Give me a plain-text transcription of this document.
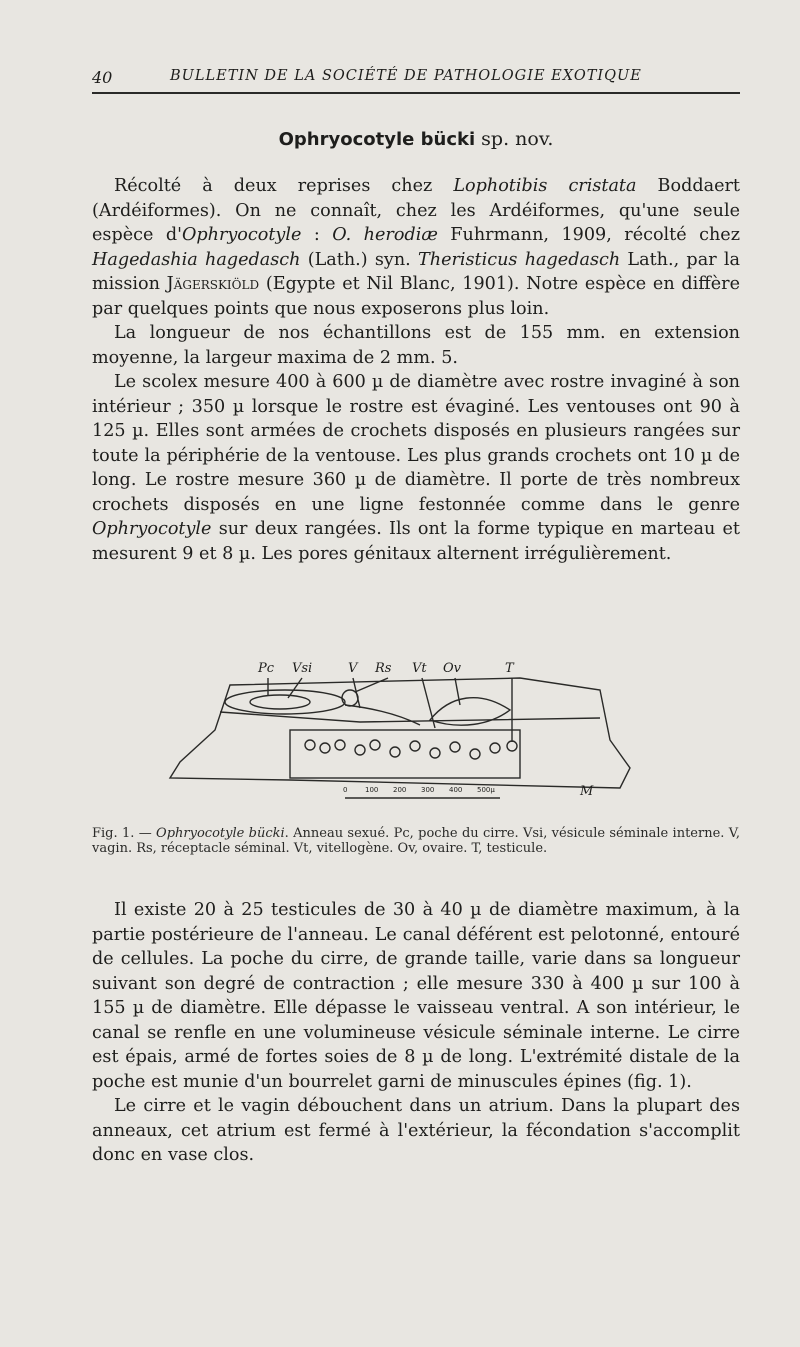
40	BULLETIN DE LA SOCIÉTÉ DE PATHOLOGIE EXOTIQUE
Ophryocotyle bücki sp. nov.

Récolté à deux reprises chez Lophotibis cristata Boddaert (Ardéiformes). On ne connaît, chez les Ardéiformes, qu'une seule espèce d'Ophryocotyle : O. herodiæ Fuhrmann, 1909, récolté chez Hagedashia hagedasch (Lath.) syn. Theristicus hagedasch Lath., par la mission Jägerskiöld (Egypte et Nil Blanc, 1901). Notre espèce en diffère par quelques points que nous exposerons plus loin.

La longueur de nos échantillons est de 155 mm. en extension moyenne, la largeur maxima de 2 mm. 5.

Le scolex mesure 400 à 600 µ de diamètre avec rostre invaginé à son intérieur ; 350 µ lorsque le rostre est évaginé. Les ventouses ont 90 à 125 µ. Elles sont armées de crochets disposés en plusieurs rangées sur toute la périphérie de la ventouse. Les plus grands crochets ont 10 µ de long. Le rostre mesure 360 µ de diamètre. Il porte de très nombreux crochets disposés en une ligne festonnée comme dans le genre Ophryocotyle sur deux rangées. Ils ont la forme typique en marteau et mesurent 9 et 8 µ. Les pores génitaux alternent irrégulièrement.

Pc Vsi	V Rs Vt Ov	T
0	100 200 300 400 500µ	M
Fig. 1. — Ophryocotyle bücki. Anneau sexué. Pc, poche du cirre. Vsi, vésicule séminale interne. V, vagin. Rs, réceptacle séminal. Vt, vitellogène. Ov, ovaire. T, testicule.

Il existe 20 à 25 testicules de 30 à 40 µ de diamètre maximum, à la partie postérieure de l'anneau. Le canal déférent est pelotonné, entouré de cellules. La poche du cirre, de grande taille, varie dans sa longueur suivant son degré de contraction ; elle mesure 330 à 400 µ sur 100 à 155 µ de diamètre. Elle dépasse le vaisseau ventral. A son intérieur, le canal se renfle en une volumineuse vésicule séminale interne. Le cirre est épais, armé de fortes soies de 8 µ de long. L'extrémité distale de la poche est munie d'un bourrelet garni de minuscules épines (fig. 1).

Le cirre et le vagin débouchent dans un atrium. Dans la plupart des anneaux, cet atrium est fermé à l'extérieur, la fécondation s'accomplit donc en vase clos.
